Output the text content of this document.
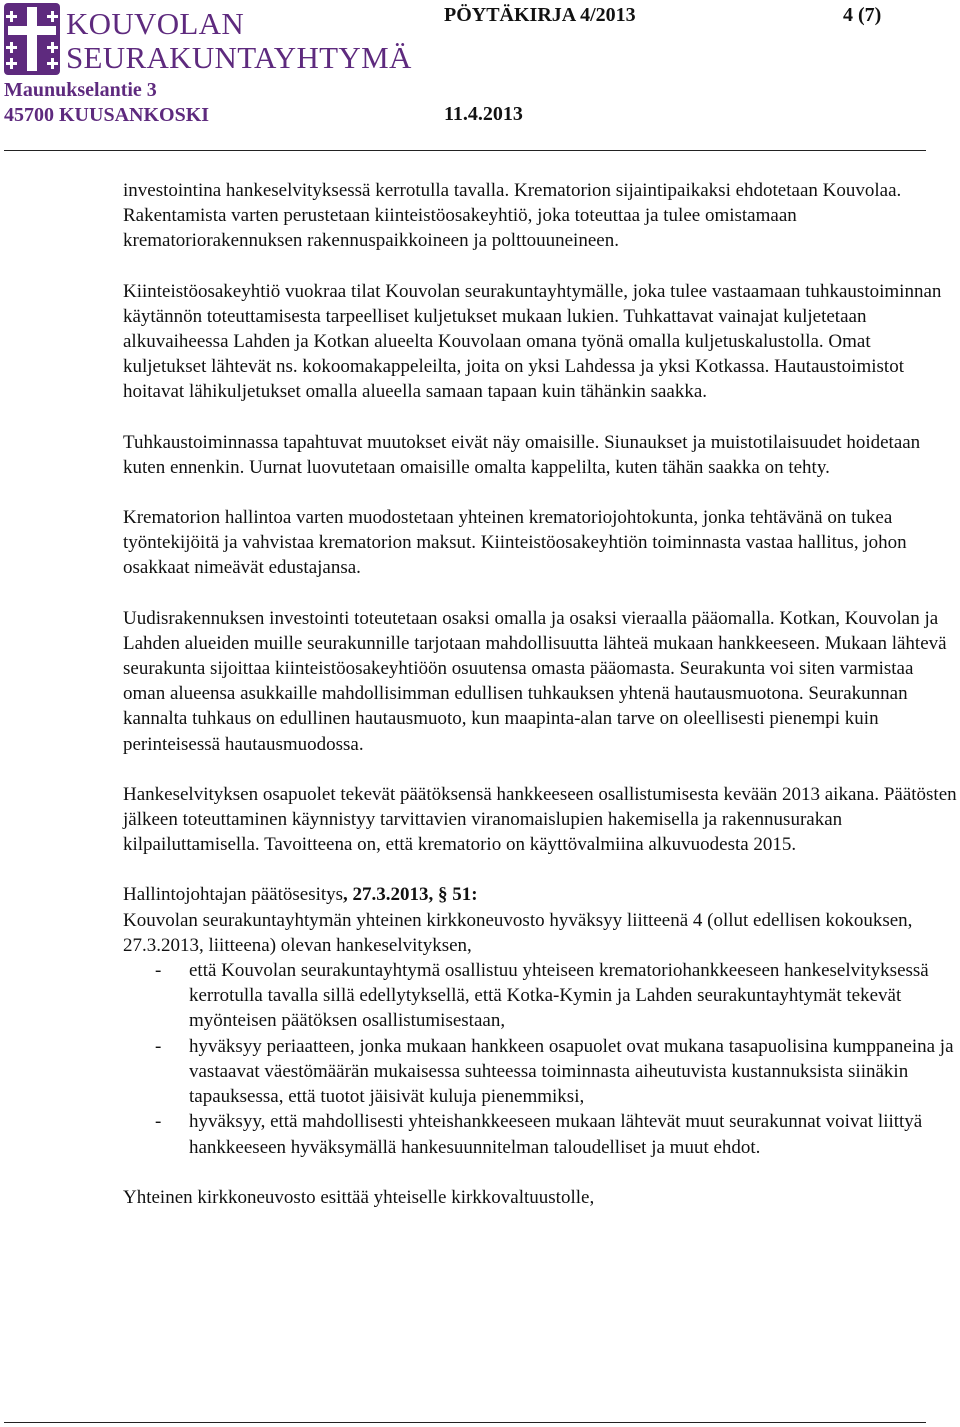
KOUVOLAN
SEURAKUNTAYHTYMÄ
Maunukselantie 3
45700 KUUSANKOSKI
PÖYTÄKIRJA 4/2013	4 (7)
11.4.2013

investointina hankeselvityksessä kerrotulla tavalla. Krematorion sijaintipaikaksi ehdotetaan Kouvolaa. Rakentamista varten perustetaan kiinteistöosakeyhtiö, joka toteuttaa ja tulee omistamaan krematoriorakennuksen rakennuspaikkoineen ja polttouuneineen.

Kiinteistöosakeyhtiö vuokraa tilat Kouvolan seurakuntayhtymälle, joka tulee vastaamaan tuhkaustoiminnan käytännön toteuttamisesta tarpeelliset kuljetukset mukaan lukien. Tuhkattavat vainajat kuljetetaan alkuvaiheessa Lahden ja Kotkan alueelta Kouvolaan omana työnä omalla kuljetuskalustolla. Omat kuljetukset lähtevät ns. kokoomakappeleilta, joita on yksi Lahdessa ja yksi Kotkassa. Hautaustoimistot hoitavat lähikuljetukset omalla alueella samaan tapaan kuin tähänkin saakka.

Tuhkaustoiminnassa tapahtuvat muutokset eivät näy omaisille. Siunaukset ja muistotilaisuudet hoidetaan kuten ennenkin. Uurnat luovutetaan omaisille omalta kappelilta, kuten tähän saakka on tehty.

Krematorion hallintoa varten muodostetaan yhteinen krematoriojohtokunta, jonka tehtävänä on tukea työntekijöitä ja vahvistaa krematorion maksut. Kiinteistöosakeyhtiön toiminnasta vastaa hallitus, johon osakkaat nimeävät edustajansa.

Uudisrakennuksen investointi toteutetaan osaksi omalla ja osaksi vieraalla pääomalla. Kotkan, Kouvolan ja Lahden alueiden muille seurakunnille tarjotaan mahdollisuutta lähteä mukaan hankkeeseen. Mukaan lähtevä seurakunta sijoittaa kiinteistöosakeyhtiöön osuutensa omasta pääomasta. Seurakunta voi siten varmistaa oman alueensa asukkaille mahdollisimman edullisen tuhkauksen yhtenä hautausmuotona. Seurakunnan kannalta tuhkaus on edullinen hautausmuoto, kun maapinta-alan tarve on oleellisesti pienempi kuin perinteisessä hautausmuodossa.

Hankeselvityksen osapuolet tekevät päätöksensä hankkeeseen osallistumisesta kevään 2013 aikana. Päätösten jälkeen toteuttaminen käynnistyy tarvittavien viranomaislupien hakemisella ja rakennusurakan kilpailuttamisella. Tavoitteena on, että krematorio on käyttövalmiina alkuvuodesta 2015.

Hallintojohtajan päätösesitys, 27.3.2013, § 51:

Kouvolan seurakuntayhtymän yhteinen kirkkoneuvosto hyväksyy liitteenä 4 (ollut edellisen kokouksen, 27.3.2013, liitteena) olevan hankeselvityksen,

- että Kouvolan seurakuntayhtymä osallistuu yhteiseen krematoriohankkeeseen hankeselvityksessä kerrotulla tavalla sillä edellytyksellä, että Kotka-Kymin ja Lahden seurakuntayhtymät tekevät myönteisen päätöksen osallistumisestaan,
- hyväksyy periaatteen, jonka mukaan hankkeen osapuolet ovat mukana tasapuolisina kumppaneina ja vastaavat väestömäärän mukaisessa suhteessa toiminnasta aiheutuvista kustannuksista siinäkin tapauksessa, että tuotot jäisivät kuluja pienemmiksi,
- hyväksyy, että mahdollisesti yhteishankkeeseen mukaan lähtevät muut seurakunnat voivat liittyä hankkeeseen hyväksymällä hankesuunnitelman taloudelliset ja muut ehdot.

Yhteinen kirkkoneuvosto esittää yhteiselle kirkkovaltuustolle,
